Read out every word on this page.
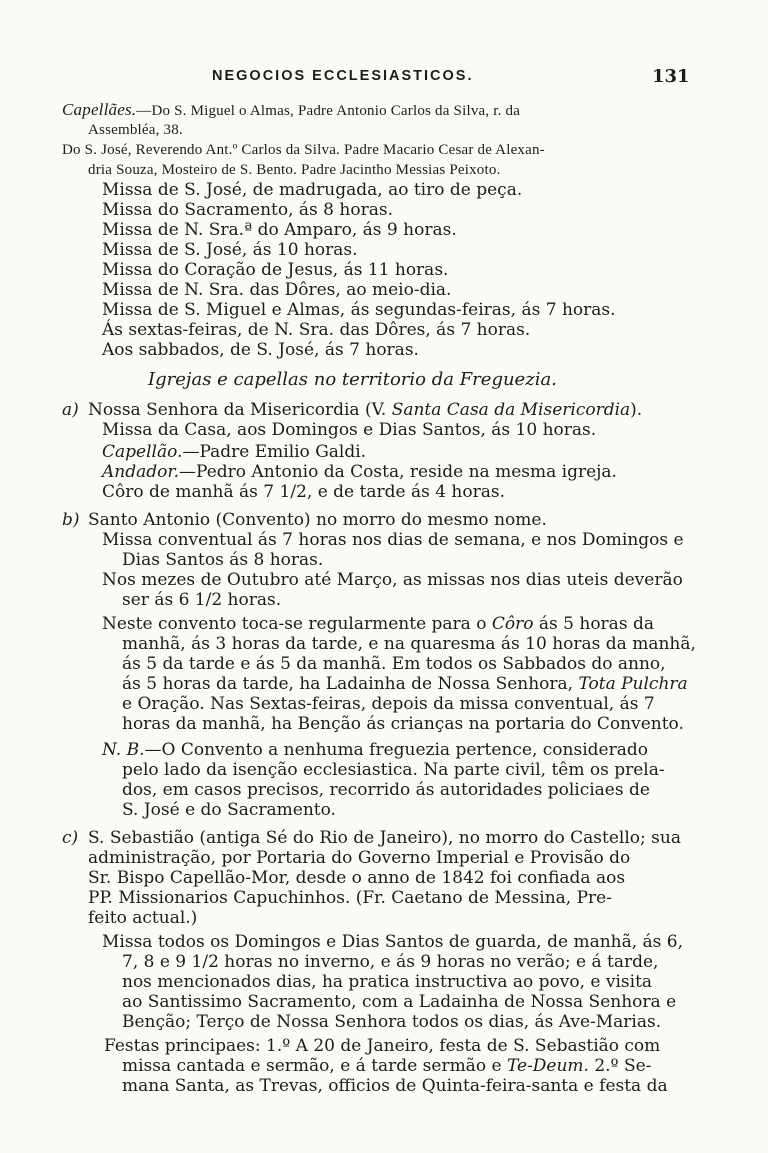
NEGOCIOS ECCLESIASTICOS.	131
Capellães.—Do S. Miguel o Almas, Padre Antonio Carlos da Silva, r. da
Assembléa, 38.
Do S. José, Reverendo Ant.º Carlos da Silva. Padre Macario Cesar de Alexan-
dria Souza, Mosteiro de S. Bento. Padre Jacintho Messias Peixoto.
Missa de S. José, de madrugada, ao tiro de peça.
Missa do Sacramento, ás 8 horas.
Missa de N. Sra.ª do Amparo, ás 9 horas.
Missa de S. José, ás 10 horas.
Missa do Coração de Jesus, ás 11 horas.
Missa de N. Sra. das Dôres, ao meio-dia.
Missa de S. Miguel e Almas, ás segundas-feiras, ás 7 horas.
Ás sextas-feiras, de N. Sra. das Dôres, ás 7 horas.
Aos sabbados, de S. José, ás 7 horas.
Igrejas e capellas no territorio da Freguezia.
a) Nossa Senhora da Misericordia (V. Santa Casa da Misericordia).
Missa da Casa, aos Domingos e Dias Santos, ás 10 horas.
Capellão.—Padre Emilio Galdi.
Andador.—Pedro Antonio da Costa, reside na mesma igreja.
Côro de manhã ás 7 1/2, e de tarde ás 4 horas.
b) Santo Antonio (Convento) no morro do mesmo nome.
Missa conventual ás 7 horas nos dias de semana, e nos Domingos e
Dias Santos ás 8 horas.
Nos mezes de Outubro até Março, as missas nos dias uteis deverão
ser ás 6 1/2 horas.
Neste convento toca-se regularmente para o Côro ás 5 horas da
manhã, ás 3 horas da tarde, e na quaresma ás 10 horas da manhã,
ás 5 da tarde e ás 5 da manhã. Em todos os Sabbados do anno,
ás 5 horas da tarde, ha Ladainha de Nossa Senhora, Tota Pulchra
e Oração. Nas Sextas-feiras, depois da missa conventual, ás 7
horas da manhã, ha Benção ás crianças na portaria do Convento.
N. B.—O Convento a nenhuma freguezia pertence, considerado
pelo lado da isenção ecclesiastica. Na parte civil, têm os prela-
dos, em casos precisos, recorrido ás autoridades policiaes de
S. José e do Sacramento.
c) S. Sebastião (antiga Sé do Rio de Janeiro), no morro do Castello; sua
administração, por Portaria do Governo Imperial e Provisão do
Sr. Bispo Capellão-Mor, desde o anno de 1842 foi confiada aos
PP. Missionarios Capuchinhos. (Fr. Caetano de Messina, Pre-
feito actual.)
Missa todos os Domingos e Dias Santos de guarda, de manhã, ás 6,
7, 8 e 9 1/2 horas no inverno, e ás 9 horas no verão; e á tarde,
nos mencionados dias, ha pratica instructiva ao povo, e visita
ao Santissimo Sacramento, com a Ladainha de Nossa Senhora e
Benção; Terço de Nossa Senhora todos os dias, ás Ave-Marias.
Festas principaes: 1.º A 20 de Janeiro, festa de S. Sebastião com
missa cantada e sermão, e á tarde sermão e Te-Deum. 2.º Se-
mana Santa, as Trevas, officios de Quinta-feira-santa e festa da
